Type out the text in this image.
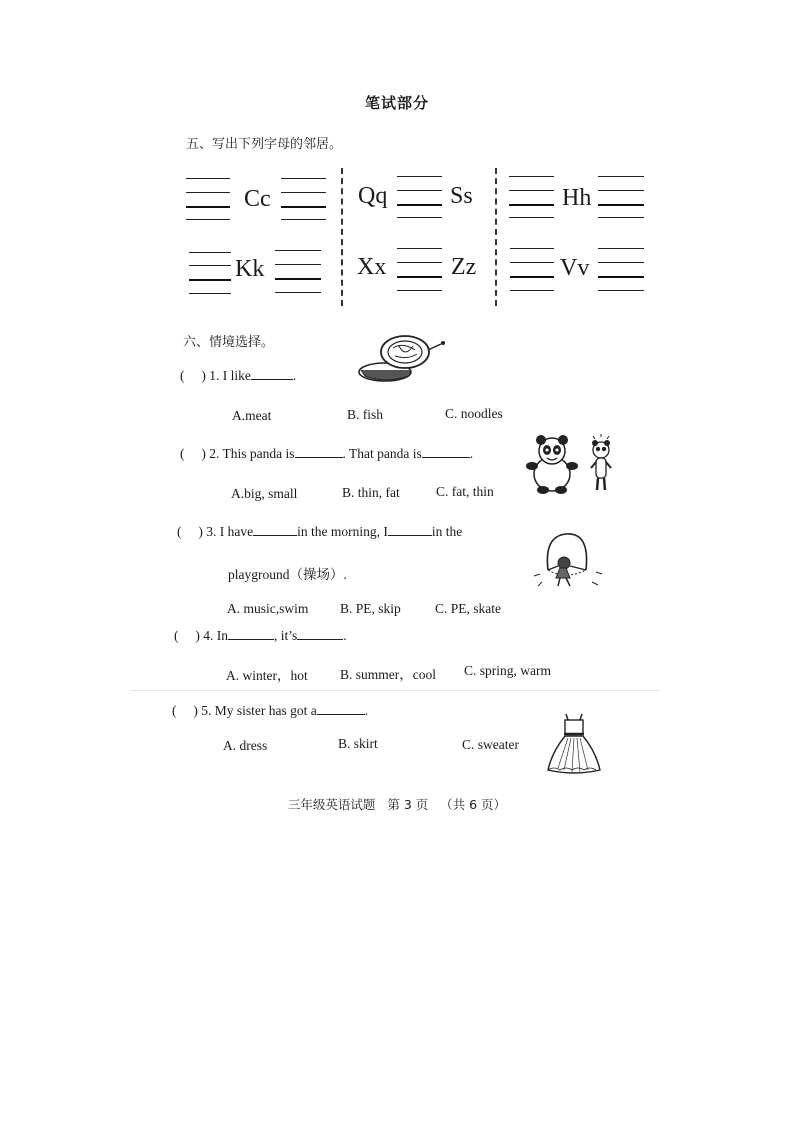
笔试部分
五、写出下列字母的邻居。
Cc	Qq	Ss	Hh
Kk	Xx	Zz	Vv
六、情境选择。
(     ) 1. I like	.
A.meat	B. fish	C. noodles
(     ) 2. This panda is	. That panda is	.
A.big, small	B. thin, fat	C. fat, thin
(     ) 3. I have	in the morning, I	in the
playground（操场）.
A. music,swim B. PE, skip	C. PE, skate
(     ) 4. In	, it’s	.
A. winter，hot B. summer，cool C. spring, warm
(     ) 5. My sister has got a	.
A. dress	B. skirt	C. sweater
三年级英语试题   第 3 页   （共 6 页）
